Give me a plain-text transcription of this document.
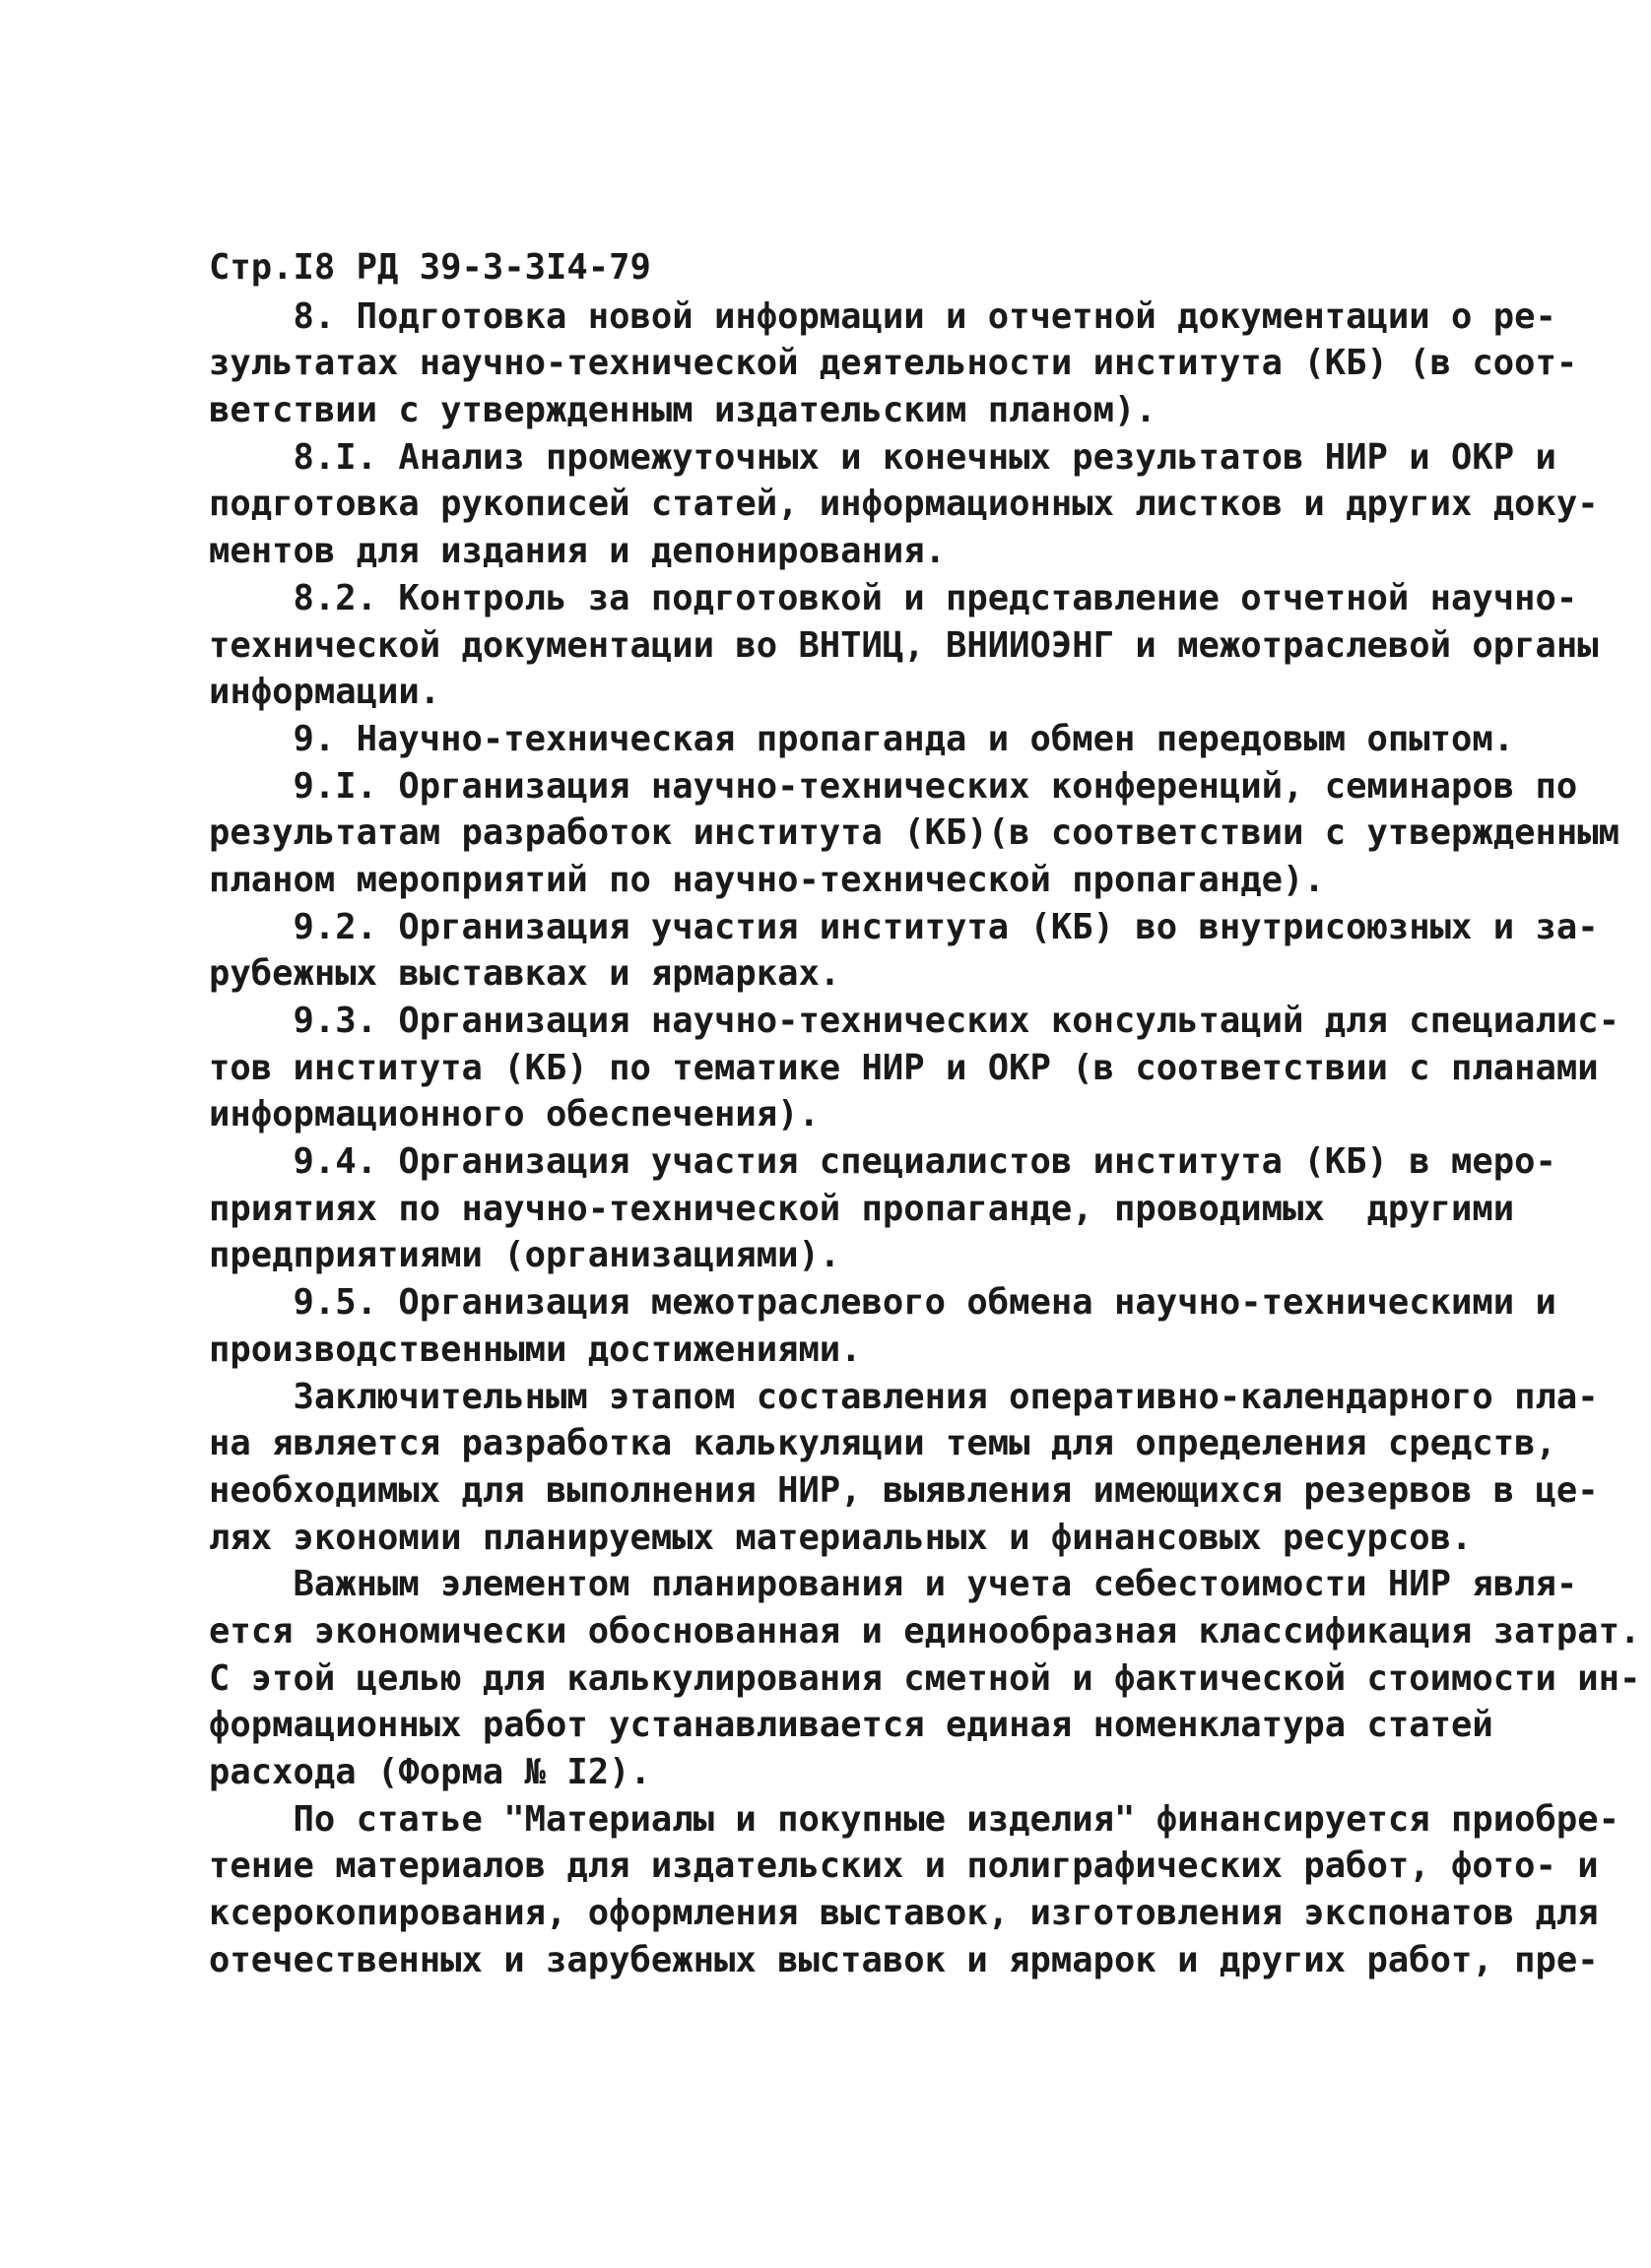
Стр.I8 РД 39-3-3I4-79
8. Подготовка новой информации и отчетной документации о ре-
зультатах научно-технической деятельности института (КБ) (в соот-
ветствии с утвержденным издательским планом).
8.I. Анализ промежуточных и конечных результатов НИР и ОКР и
подготовка рукописей статей, информационных листков и других доку-
ментов для издания и депонирования.
8.2. Контроль за подготовкой и представление отчетной научно-
технической документации во ВНТИЦ, ВНИИОЭНГ и межотраслевой органы
информации.
9. Научно-техническая пропаганда и обмен передовым опытом.
9.I. Организация научно-технических конференций, семинаров по
результатам разработок института (КБ)(в соответствии с утвержденным
планом мероприятий по научно-технической пропаганде).
9.2. Организация участия института (КБ) во внутрисоюзных и за-
рубежных выставках и ярмарках.
9.3. Организация научно-технических консультаций для специалис-
тов института (КБ) по тематике НИР и ОКР (в соответствии с планами
информационного обеспечения).
9.4. Организация участия специалистов института (КБ) в меро-
приятиях по научно-технической пропаганде, проводимых  другими
предприятиями (организациями).
9.5. Организация межотраслевого обмена научно-техническими и
производственными достижениями.
Заключительным этапом составления оперативно-календарного пла-
на является разработка калькуляции темы для определения средств,
необходимых для выполнения НИР, выявления имеющихся резервов в це-
лях экономии планируемых материальных и финансовых ресурсов.
Важным элементом планирования и учета себестоимости НИР явля-
ется экономически обоснованная и единообразная классификация затрат.
С этой целью для калькулирования сметной и фактической стоимости ин-
формационных работ устанавливается единая номенклатура статей
расхода (Форма № I2).
По статье "Материалы и покупные изделия" финансируется приобре-
тение материалов для издательских и полиграфических работ, фото- и
ксерокопирования, оформления выставок, изготовления экспонатов для
отечественных и зарубежных выставок и ярмарок и других работ, пре-
